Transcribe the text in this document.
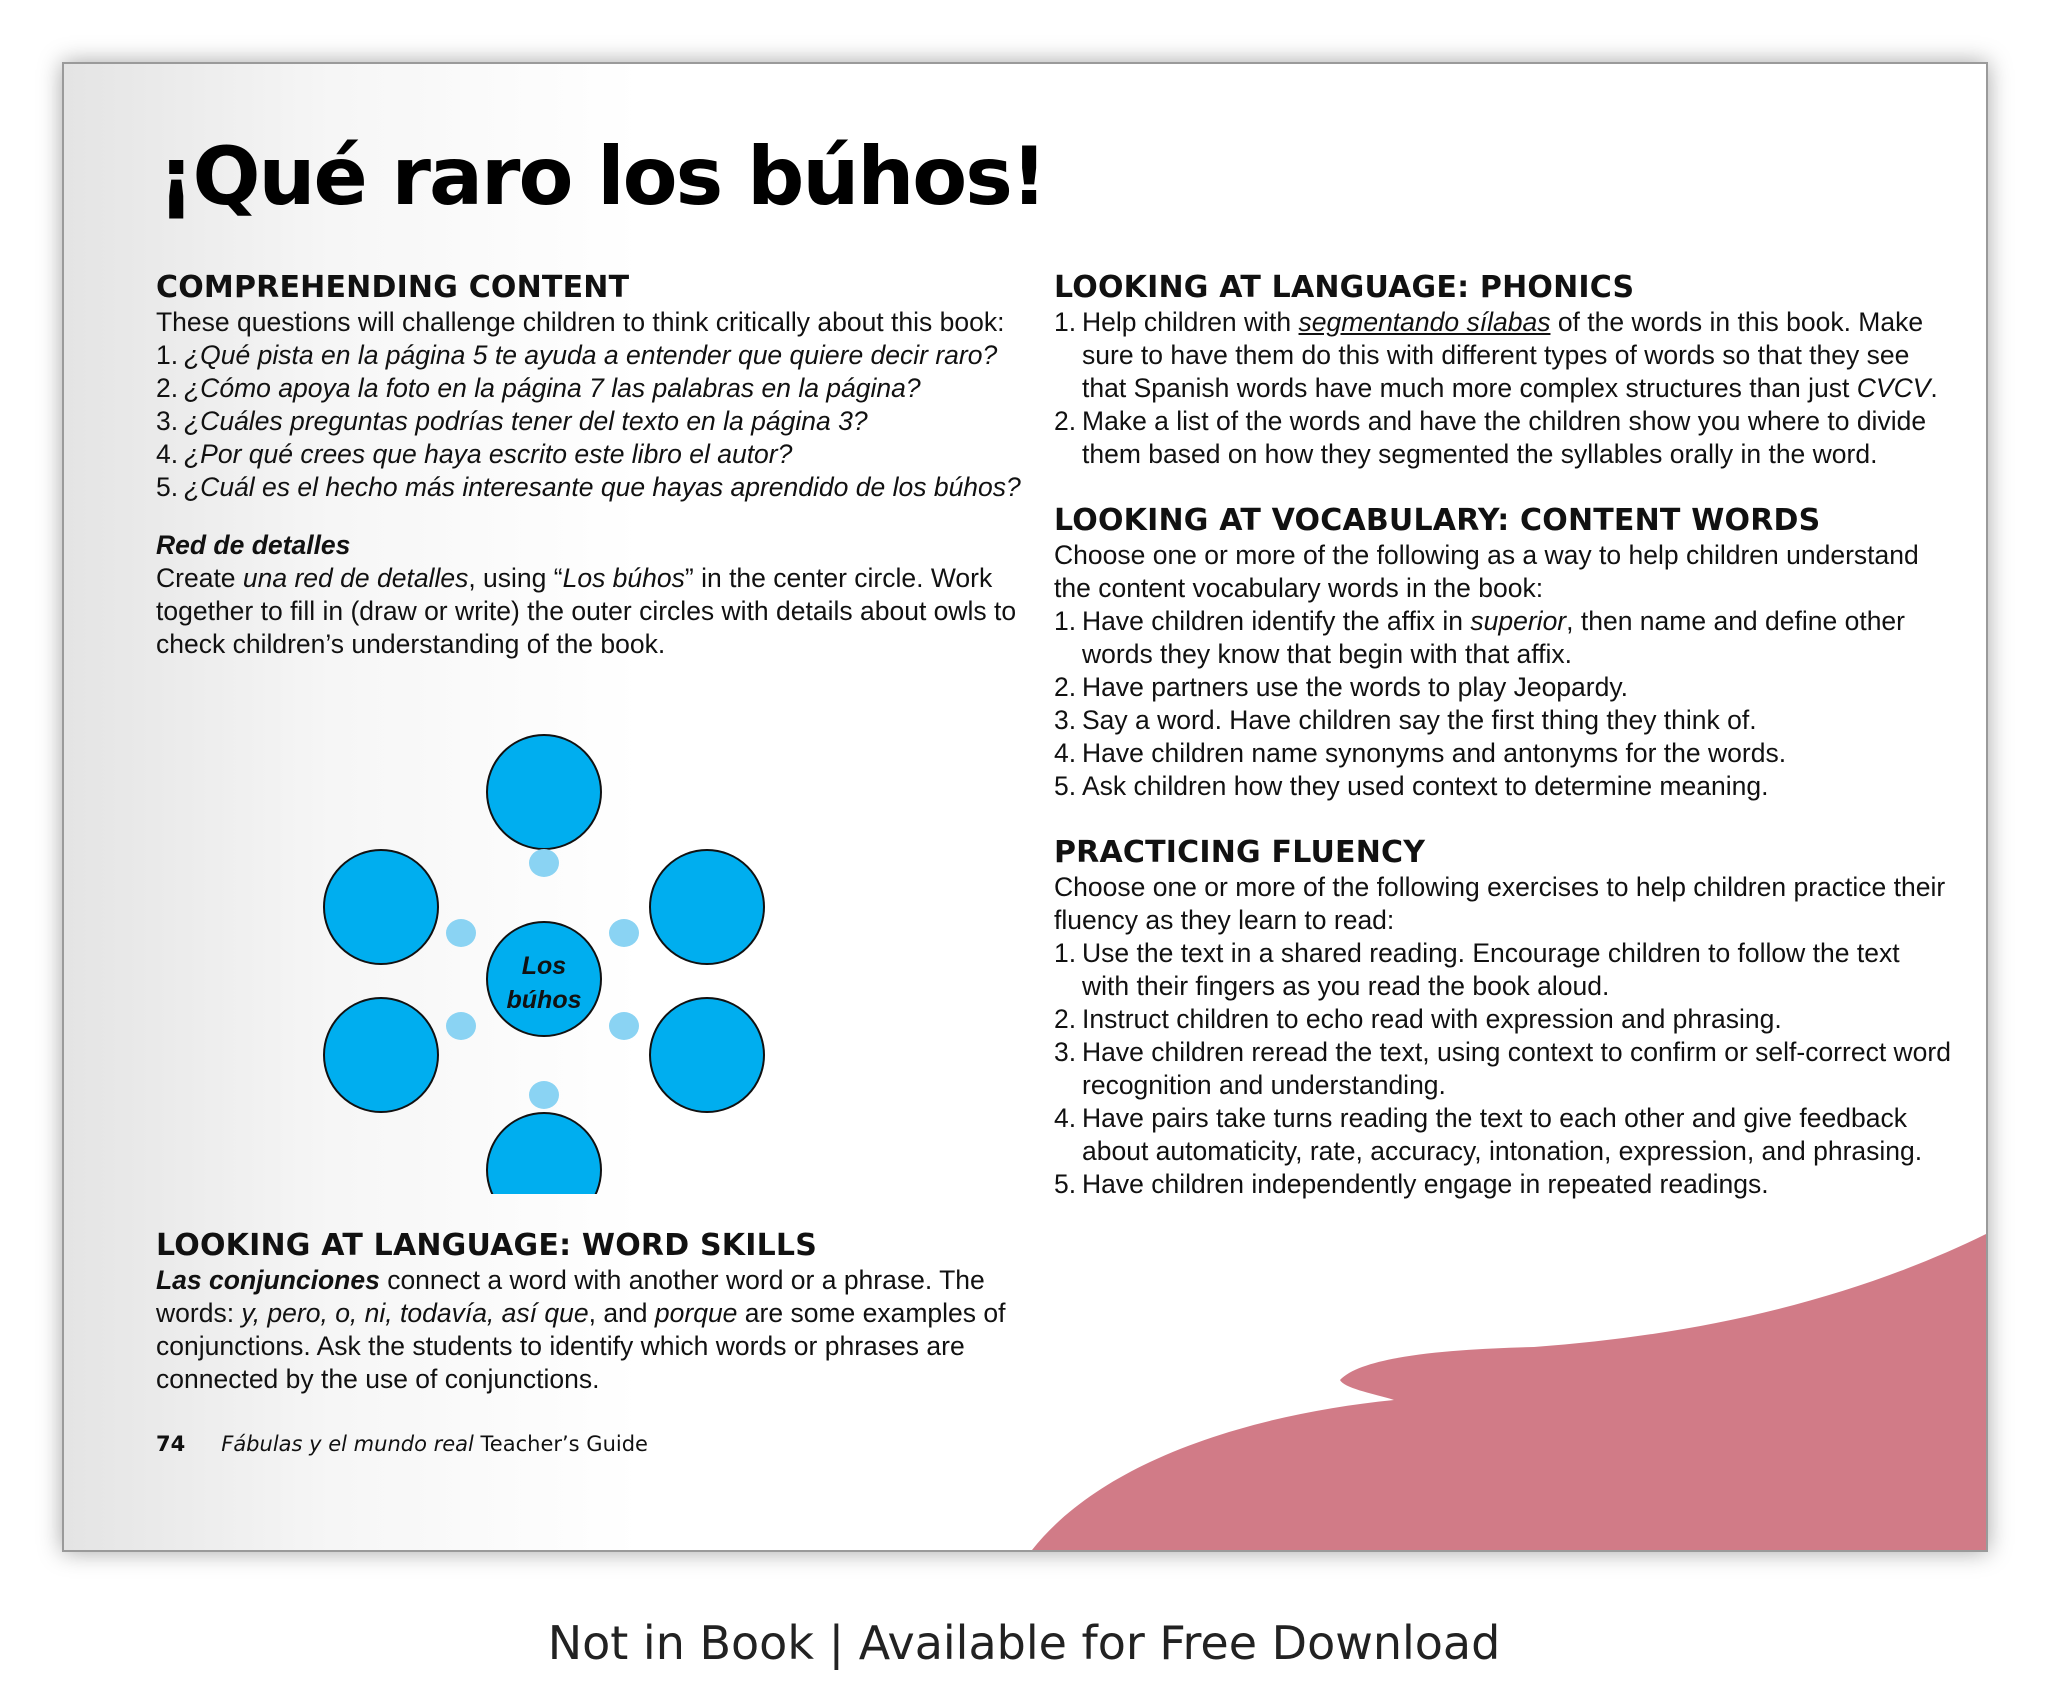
¡Qué raro los búhos!
COMPREHENDING CONTENT

These questions will challenge children to think critically about this book:

1. ¿Qué pista en la página 5 te ayuda a entender que quiere decir raro?
2. ¿Cómo apoya la foto en la página 7 las palabras en la página?
3. ¿Cuáles preguntas podrías tener del texto en la página 3?
4. ¿Por qué crees que haya escrito este libro el autor?
5. ¿Cuál es el hecho más interesante que hayas aprendido de los búhos?

Red de detalles

Create una red de detalles, using “Los búhos” in the center circle. Work together to fill in (draw or write) the outer circles with details about owls to check children’s understanding of the book.

Los
búhos
LOOKING AT LANGUAGE: WORD SKILLS

Las conjunciones connect a word with another word or a phrase. The words: y, pero, o, ni, todavía, así que, and porque are some examples of conjunctions. Ask the students to identify which words or phrases are connected by the use of conjunctions.

LOOKING AT LANGUAGE: PHONICS
1. Help children with segmentando sílabas of the words in this book. Make sure to have them do this with different types of words so that they see that Spanish words have much more complex structures than just CVCV.
2. Make a list of the words and have the children show you where to divide them based on how they segmented the syllables orally in the word.
LOOKING AT VOCABULARY: CONTENT WORDS

Choose one or more of the following as a way to help children understand the content vocabulary words in the book:

1. Have children identify the affix in superior, then name and define other words they know that begin with that affix.
2. Have partners use the words to play Jeopardy.
3. Say a word. Have children say the first thing they think of.
4. Have children name synonyms and antonyms for the words.
5. Ask children how they used context to determine meaning.
PRACTICING FLUENCY

Choose one or more of the following exercises to help children practice their fluency as they learn to read:

1. Use the text in a shared reading. Encourage children to follow the text with their fingers as you read the book aloud.
2. Instruct children to echo read with expression and phrasing.
3. Have children reread the text, using context to confirm or self-correct word recognition and understanding.
4. Have pairs take turns reading the text to each other and give feedback about automaticity, rate, accuracy, intonation, expression, and phrasing.
5. Have children independently engage in repeated readings.
74 Fábulas y el mundo real Teacher’s Guide
Not in Book | Available for Free Download
